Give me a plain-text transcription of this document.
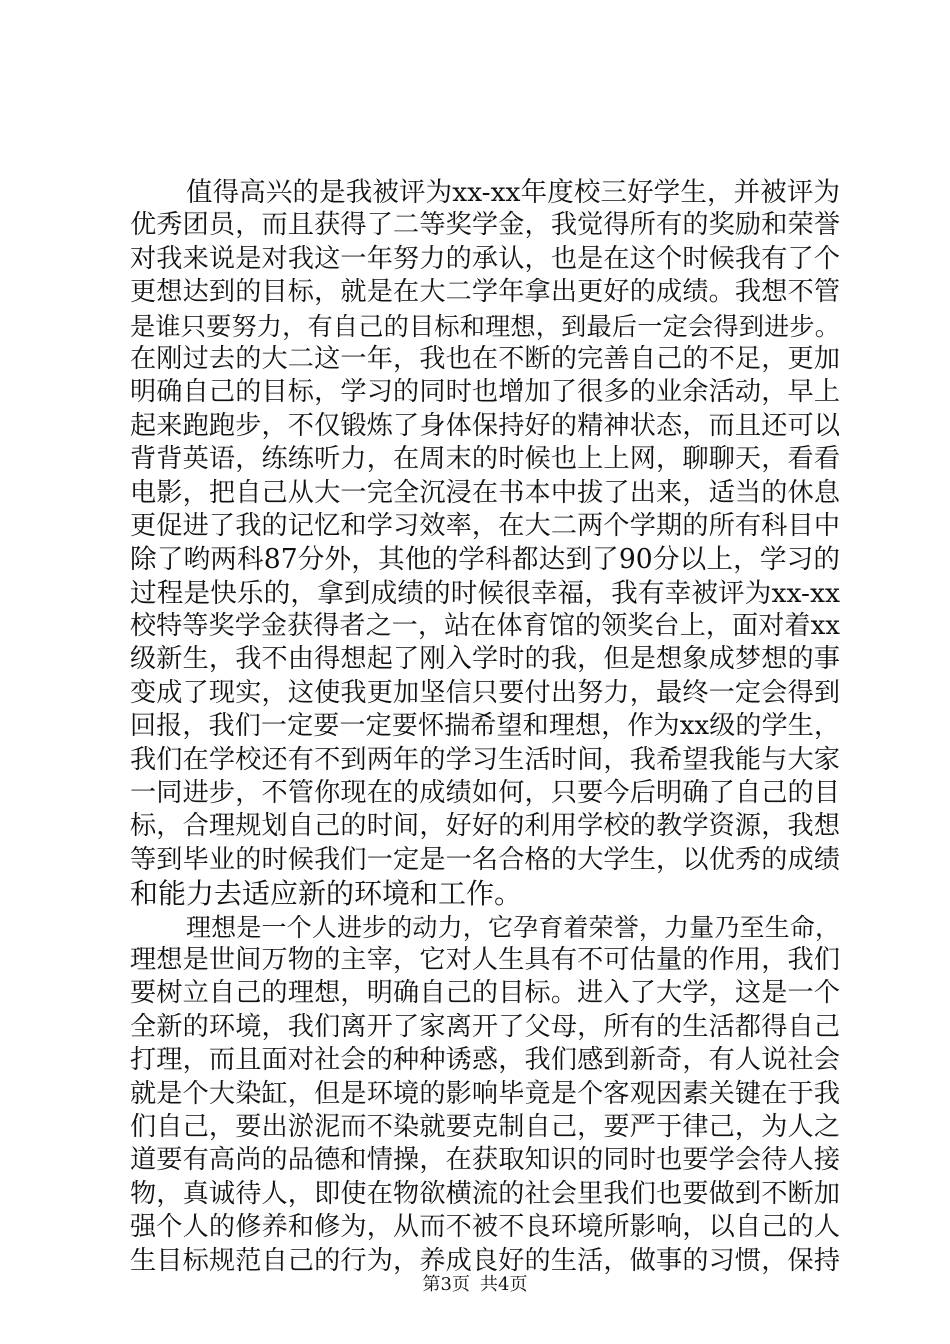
值得高兴的是我被评为xx-xx年度校三好学生，并被评为
优秀团员，而且获得了二等奖学金，我觉得所有的奖励和荣誉
对我来说是对我这一年努力的承认，也是在这个时候我有了个
更想达到的目标，就是在大二学年拿出更好的成绩。我想不管
是谁只要努力，有自己的目标和理想，到最后一定会得到进步。
在刚过去的大二这一年，我也在不断的完善自己的不足，更加
明确自己的目标，学习的同时也增加了很多的业余活动，早上
起来跑跑步，不仅锻炼了身体保持好的精神状态，而且还可以
背背英语，练练听力，在周末的时候也上上网，聊聊天，看看
电影，把自己从大一完全沉浸在书本中拔了出来，适当的休息
更促进了我的记忆和学习效率，在大二两个学期的所有科目中
除了哟两科87分外，其他的学科都达到了90分以上，学习的
过程是快乐的，拿到成绩的时候很幸福，我有幸被评为xx-xx
校特等奖学金获得者之一，站在体育馆的领奖台上，面对着xx
级新生，我不由得想起了刚入学时的我，但是想象成梦想的事
变成了现实，这使我更加坚信只要付出努力，最终一定会得到
回报，我们一定要一定要怀揣希望和理想，作为xx级的学生，
我们在学校还有不到两年的学习生活时间，我希望我能与大家
一同进步，不管你现在的成绩如何，只要今后明确了自己的目
标，合理规划自己的时间，好好的利用学校的教学资源，我想
等到毕业的时候我们一定是一名合格的大学生，以优秀的成绩
和能力去适应新的环境和工作。
理想是一个人进步的动力，它孕育着荣誉，力量乃至生命，
理想是世间万物的主宰，它对人生具有不可估量的作用，我们
要树立自己的理想，明确自己的目标。进入了大学，这是一个
全新的环境，我们离开了家离开了父母，所有的生活都得自己
打理，而且面对社会的种种诱惑，我们感到新奇，有人说社会
就是个大染缸，但是环境的影响毕竟是个客观因素关键在于我
们自己，要出淤泥而不染就要克制自己，要严于律己，为人之
道要有高尚的品德和情操，在获取知识的同时也要学会待人接
物，真诚待人，即使在物欲横流的社会里我们也要做到不断加
强个人的修养和修为，从而不被不良环境所影响，以自己的人
生目标规范自己的行为，养成良好的生活，做事的习惯，保持
第3页 共4页
